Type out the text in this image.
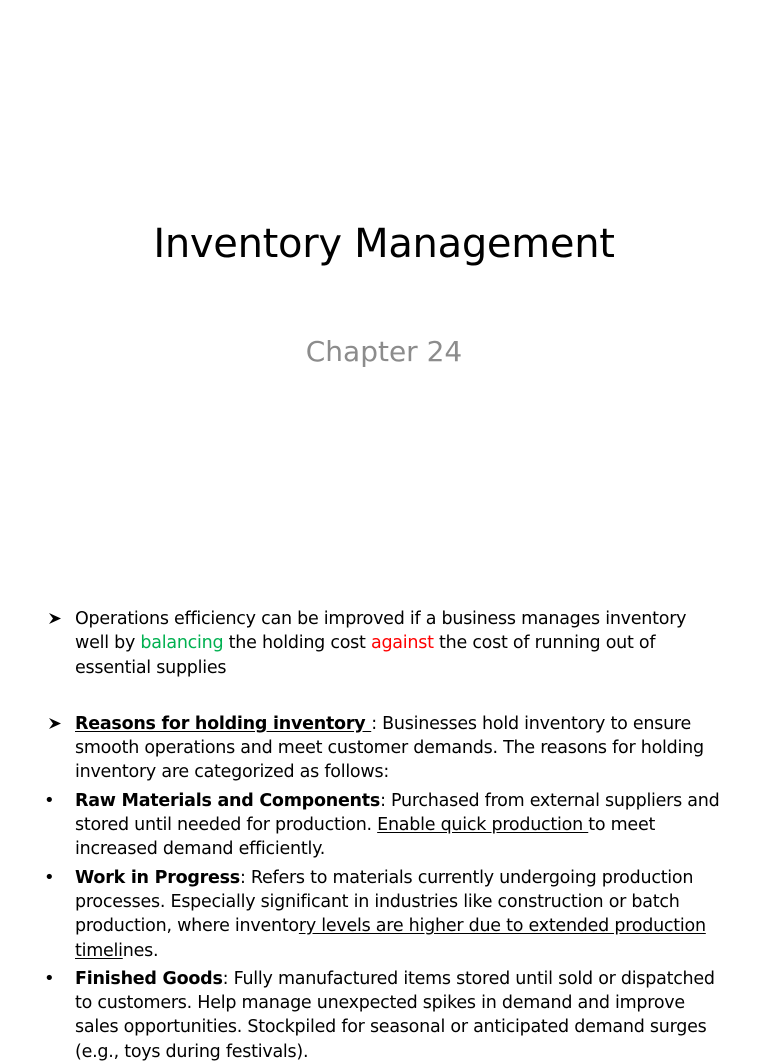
Inventory Management
Chapter 24
Operations efficiency can be improved if a business manages inventory well by balancing the holding cost against the cost of running out of essential supplies
Reasons for holding inventory : Businesses hold inventory to ensure smooth operations and meet customer demands. The reasons for holding inventory are categorized as follows:
•	Raw Materials and Components: Purchased from external suppliers and stored until needed for production. Enable quick production to meet increased demand efficiently.
•	Work in Progress: Refers to materials currently undergoing production processes. Especially significant in industries like construction or batch production, where inventory levels are higher due to extended production timelines.
•	Finished Goods: Fully manufactured items stored until sold or dispatched to customers. Help manage unexpected spikes in demand and improve sales opportunities. Stockpiled for seasonal or anticipated demand surges (e.g., toys during festivals).
